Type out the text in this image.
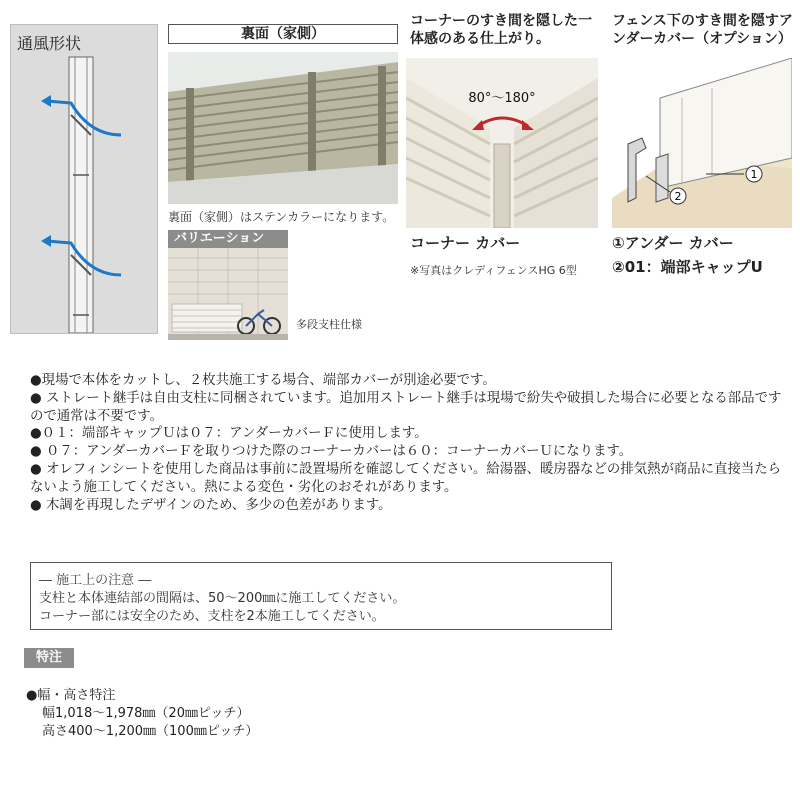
通風形状	裏面（家側）
裏面（家側）はステンカラーになります。
バリエーション
多段支柱仕様
コーナーのすき間を隠した一体感のある仕上がり。
80°〜180°
コーナー カバー
※写真はクレディフェンスHG 6型
フェンス下のすき間を隠すアンダーカバー（オプション）
1
2
①アンダー カバー
②01：端部キャップU
●現場で本体をカットし、２枚共施工する場合、端部カバーが別途必要です。
● ストレート継手は自由支柱に同梱されています。追加用ストレート継手は現場で紛失や破損した場合に必要となる部品ですので通常は不要です。
●０１：端部キャップＵは０７：アンダーカバーＦに使用します。
● ０７：アンダーカバーＦを取りつけた際のコーナーカバーは６０：コーナーカバーＵになります。
● オレフィンシートを使用した商品は事前に設置場所を確認してください。給湯器、暖房器などの排気熱が商品に直接当たらないよう施工してください。熱による変色・劣化のおそれがあります。
● 木調を再現したデザインのため、多少の色差があります。
― 施工上の注意 ―
支柱と本体連結部の間隔は、50〜200㎜に施工してください。
コーナー部には安全のため、支柱を2本施工してください。
特注
●幅・高さ特注
幅1,018〜1,978㎜（20㎜ピッチ）
高さ400〜1,200㎜（100㎜ピッチ）
